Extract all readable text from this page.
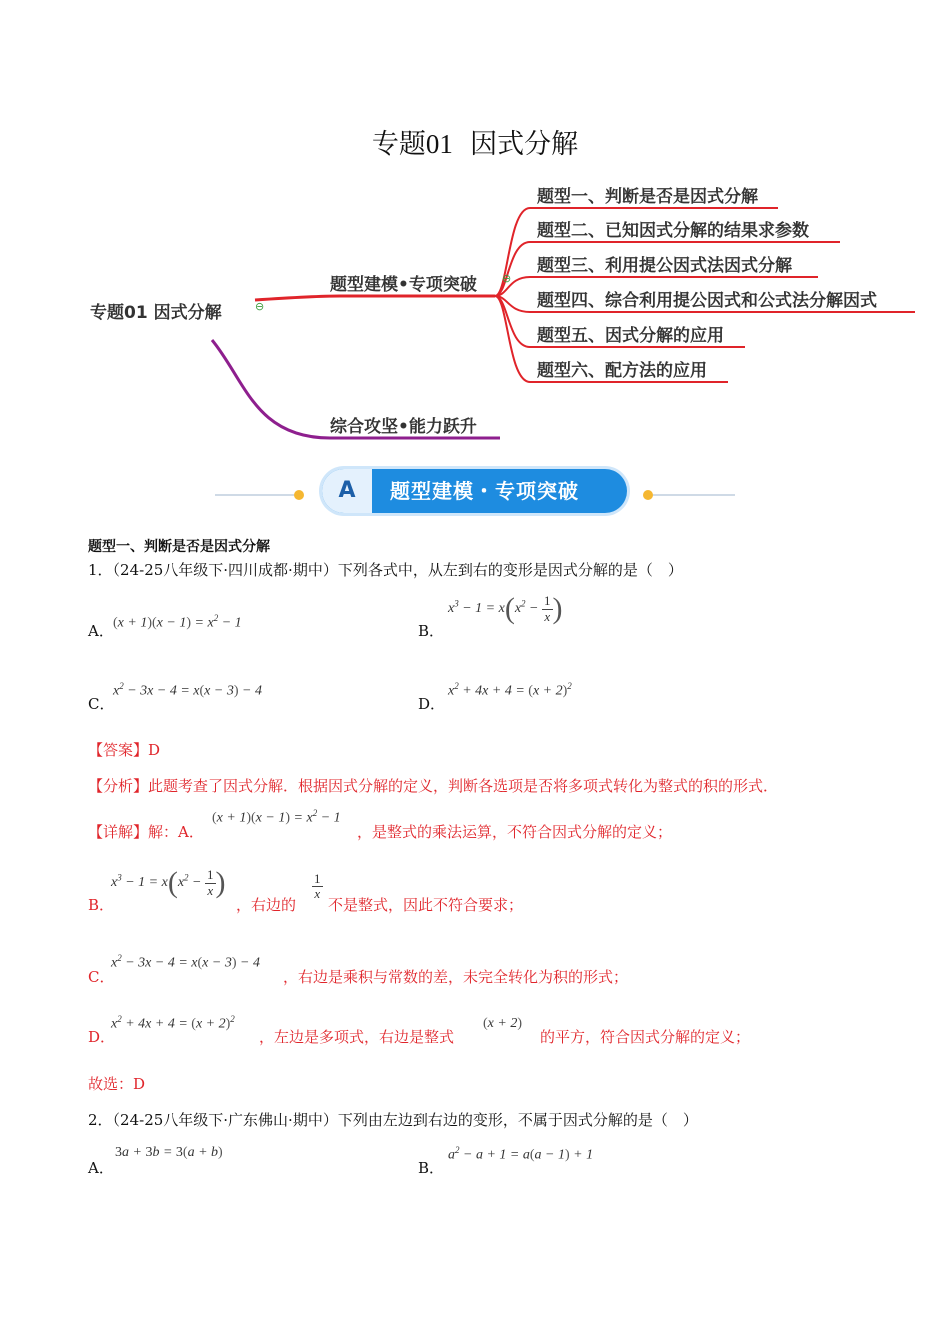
专题01 因式分解
⊖
⊖
专题01 因式分解
题型建模•专项突破
综合攻坚•能力跃升
题型一、判断是否是因式分解
题型二、已知因式分解的结果求参数
题型三、利用提公因式法因式分解
题型四、综合利用提公因式和公式法分解因式
题型五、因式分解的应用
题型六、配方法的应用
A	题型建模・专项突破
题型一、判断是否是因式分解
1．（24-25八年级下·四川成都·期中）下列各式中，从左到右的变形是因式分解的是（　）
A． $(x + 1)(x - 1) = x^2 - 1$	B．
$x^3 - 1 = x(x^2 - \frac{1}{x}$ )
C．
$x^2 - 3x - 4 = x(x - 3) - 4$
D．
$x^2 + 4x + 4 = (x + 2)^2$
【答案】D
【分析】此题考查了因式分解．根据因式分解的定义，判断各选项是否将多项式转化为整式的积的形式．
【详解】解：A．
$(x + 1)(x - 1) = x^2 - 1$
，是整式的乘法运算，不符合因式分解的定义；
B．
$x^3 - 1 = x(x^2 - \frac{1}{x}$ )
，右边的
$\frac{1}{x}$
不是整式，因此不符合要求；
C．
$x^2 - 3x - 4 = x(x - 3) - 4$
，右边是乘积与常数的差，未完全转化为积的形式；
D．
$x^2 + 4x + 4 = (x + 2)^2$
，左边是多项式，右边是整式
(x + 2)
的平方，符合因式分解的定义；
故选：D
2．（24-25八年级下·广东佛山·期中）下列由左边到右边的变形，不属于因式分解的是（　）
A．
3a + 3b = 3(a + b)
B．
$a^2 - a + 1 = a(a - 1) + 1$
